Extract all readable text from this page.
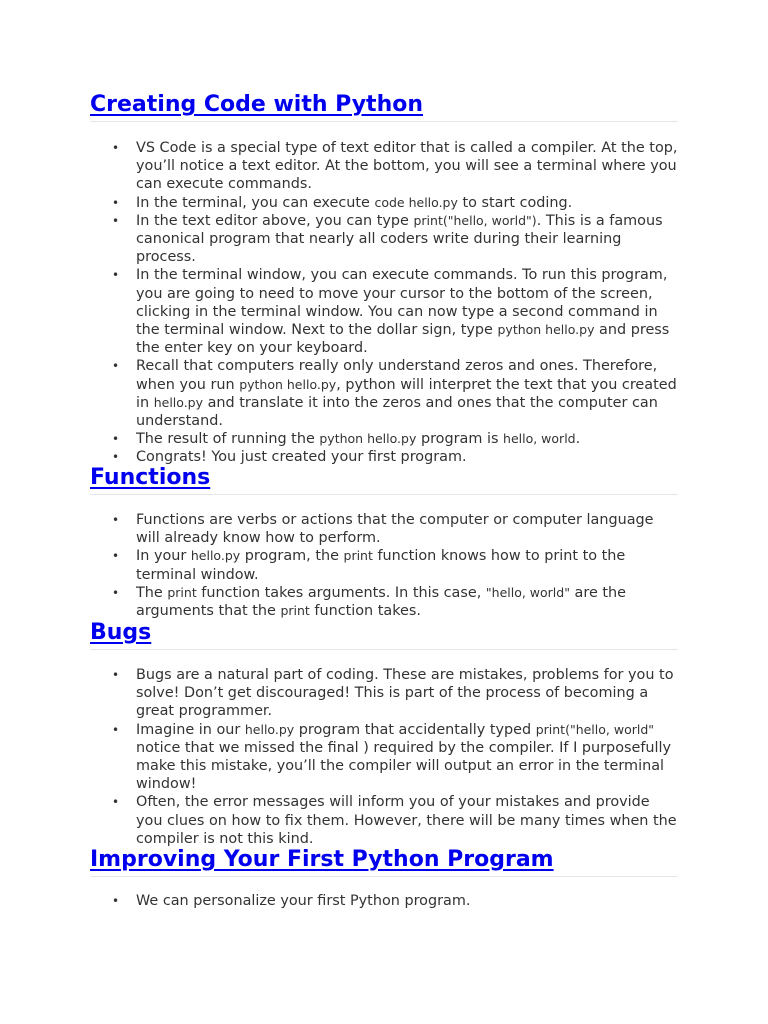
Creating Code with Python
• VS Code is a special type of text editor that is called a compiler. At the top, you’ll notice a text editor. At the bottom, you will see a terminal where you can execute commands.
• In the terminal, you can execute code hello.py to start coding.
• In the text editor above, you can type print("hello, world"). This is a famous canonical program that nearly all coders write during their learning process.
• In the terminal window, you can execute commands. To run this program, you are going to need to move your cursor to the bottom of the screen, clicking in the terminal window. You can now type a second command in the terminal window. Next to the dollar sign, type python hello.py and press the enter key on your keyboard.
• Recall that computers really only understand zeros and ones. Therefore, when you run python hello.py, python will interpret the text that you created in hello.py and translate it into the zeros and ones that the computer can understand.
• The result of running the python hello.py program is hello, world.
• Congrats! You just created your first program.
Functions
• Functions are verbs or actions that the computer or computer language will already know how to perform.
• In your hello.py program, the print function knows how to print to the terminal window.
• The print function takes arguments. In this case, "hello, world" are the arguments that the print function takes.
Bugs
• Bugs are a natural part of coding. These are mistakes, problems for you to solve! Don’t get discouraged! This is part of the process of becoming a great programmer.
• Imagine in our hello.py program that accidentally typed print("hello, world" notice that we missed the final ) required by the compiler. If I purposefully make this mistake, you’ll the compiler will output an error in the terminal window!
• Often, the error messages will inform you of your mistakes and provide you clues on how to fix them. However, there will be many times when the compiler is not this kind.
Improving Your First Python Program
• We can personalize your first Python program.
